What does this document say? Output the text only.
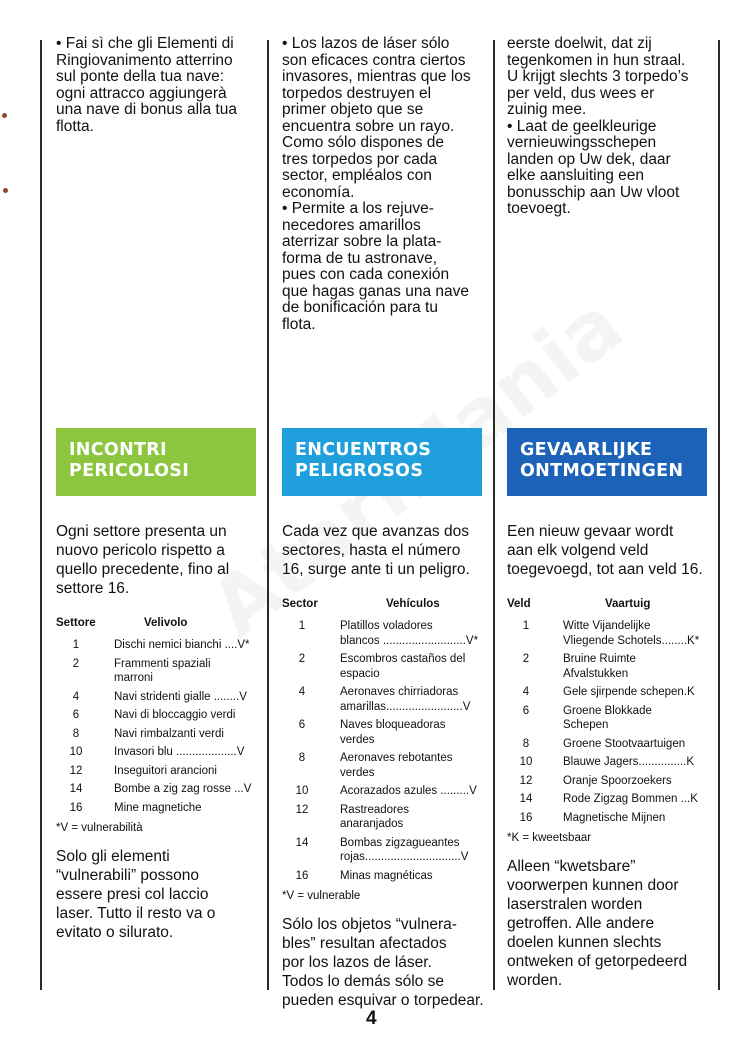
• Fai sì che gli Elementi di

Ringiovanimento atterrino

sul ponte della tua nave:

ogni attracco aggiungerà

una nave di bonus alla tua

flotta.

• Los lazos de láser sólo

son eficaces contra ciertos

invasores, mientras que los

torpedos destruyen el

primer objeto que se

encuentra sobre un rayo.

Como sólo dispones de

tres torpedos por cada

sector, empléalos con

economía.

• Permite a los rejuve-

necedores amarillos

aterrizar sobre la plata-

forma de tu astronave,

pues con cada conexión

que hagas ganas una nave

de bonificación para tu

flota.

eerste doelwit, dat zij

tegenkomen in hun straal.

U krijgt slechts 3 torpedo’s

per veld, dus wees er

zuinig mee.

• Laat de geelkleurige

vernieuwingsschepen

landen op Uw dek, daar

elke aansluiting een

bonusschip aan Uw vloot

toevoegt.

INCONTRI
PERICOLOSI
ENCUENTROS
PELIGROSOS
GEVAARLIJKE
ONTMOETINGEN

Ogni settore presenta un

nuovo pericolo rispetto a

quello precedente, fino al

settore 16.

Settore	Velivolo
1	Dischi nemici bianchi ....V*
2	Frammenti spaziali
marroni
4	Navi stridenti gialle ........V
6	Navi di bloccaggio verdi
8	Navi rimbalzanti verdi
10	Invasori blu ...................V
12	Inseguitori arancioni
14	Bombe a zig zag rosse ...V
16	Mine magnetiche
*V = vulnerabilità

Solo gli elementi

“vulnerabili” possono

essere presi col laccio

laser. Tutto il resto va o

evitato o silurato.

Cada vez que avanzas dos

sectores, hasta el número

16, surge ante ti un peligro.

Sector	Vehículos
1	Platillos voladores
blancos ..........................V*
2	Escombros castaños del
espacio
4	Aeronaves chirriadoras
amarillas........................V
6	Naves bloqueadoras
verdes
8	Aeronaves rebotantes
verdes
10	Acorazados azules .........V
12	Rastreadores
anaranjados
14	Bombas zigzagueantes
rojas..............................V
16	Minas magnéticas
*V = vulnerable

Sólo los objetos “vulnera-

bles” resultan afectados

por los lazos de láser.

Todos lo demás sólo se

pueden esquivar o torpedear.

Een nieuw gevaar wordt

aan elk volgend veld

toegevoegd, tot aan veld 16.

Veld	Vaartuig
1	Witte Vijandelijke
Vliegende Schotels........K*
2	Bruine Ruimte
Afvalstukken
4	Gele sjirpende schepen.K
6	Groene Blokkade
Schepen
8	Groene Stootvaartuigen
10	Blauwe Jagers...............K
12	Oranje Spoorzoekers
14	Rode Zigzag Bommen ...K
16	Magnetische Mijnen
*K = kweetsbaar

Alleen “kwetsbare”

voorwerpen kunnen door

laserstralen worden

getroffen. Alle andere

doelen kunnen slechts

ontweken of getorpedeerd

worden.

4
